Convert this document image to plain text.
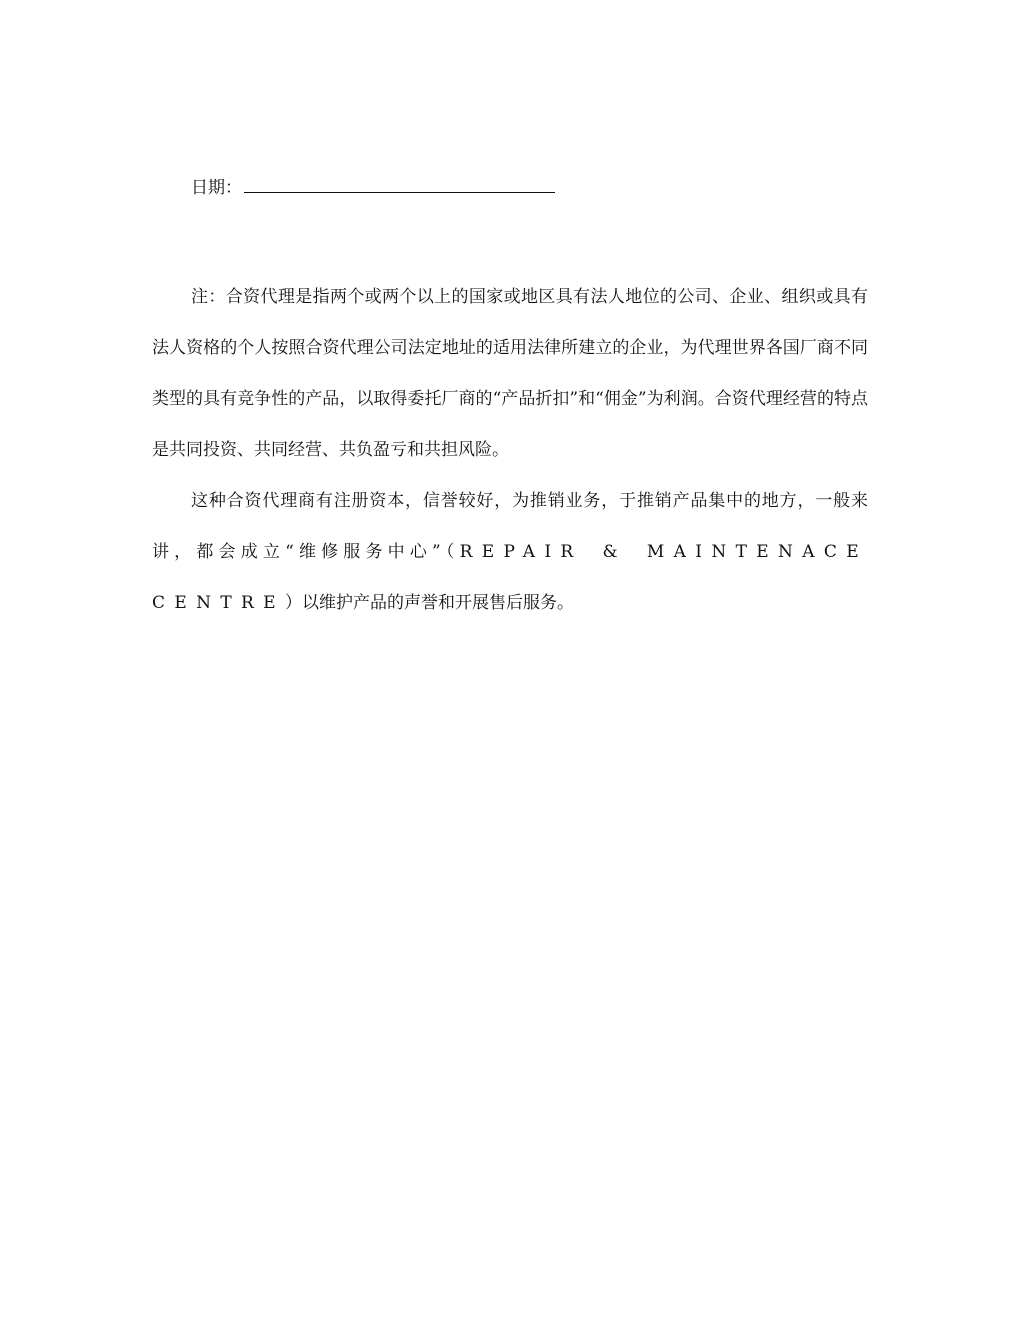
日期：

注：合资代理是指两个或两个以上的国家或地区具有法人地位的公司、企业、组织或具有法人资格的个人按照合资代理公司法定地址的适用法律所建立的企业，为代理世界各国厂商不同类型的具有竞争性的产品，以取得委托厂商的“产品折扣”和“佣金”为利润。合资代理经营的特点是共同投资、共同经营、共负盈亏和共担风险。

这种合资代理商有注册资本，信誉较好，为推销业务，于推销产品集中的地方，一般来讲，都会成立“维修服务中心”（REPAIR & MAINTENACE CENTRE）以维护产品的声誉和开展售后服务。
